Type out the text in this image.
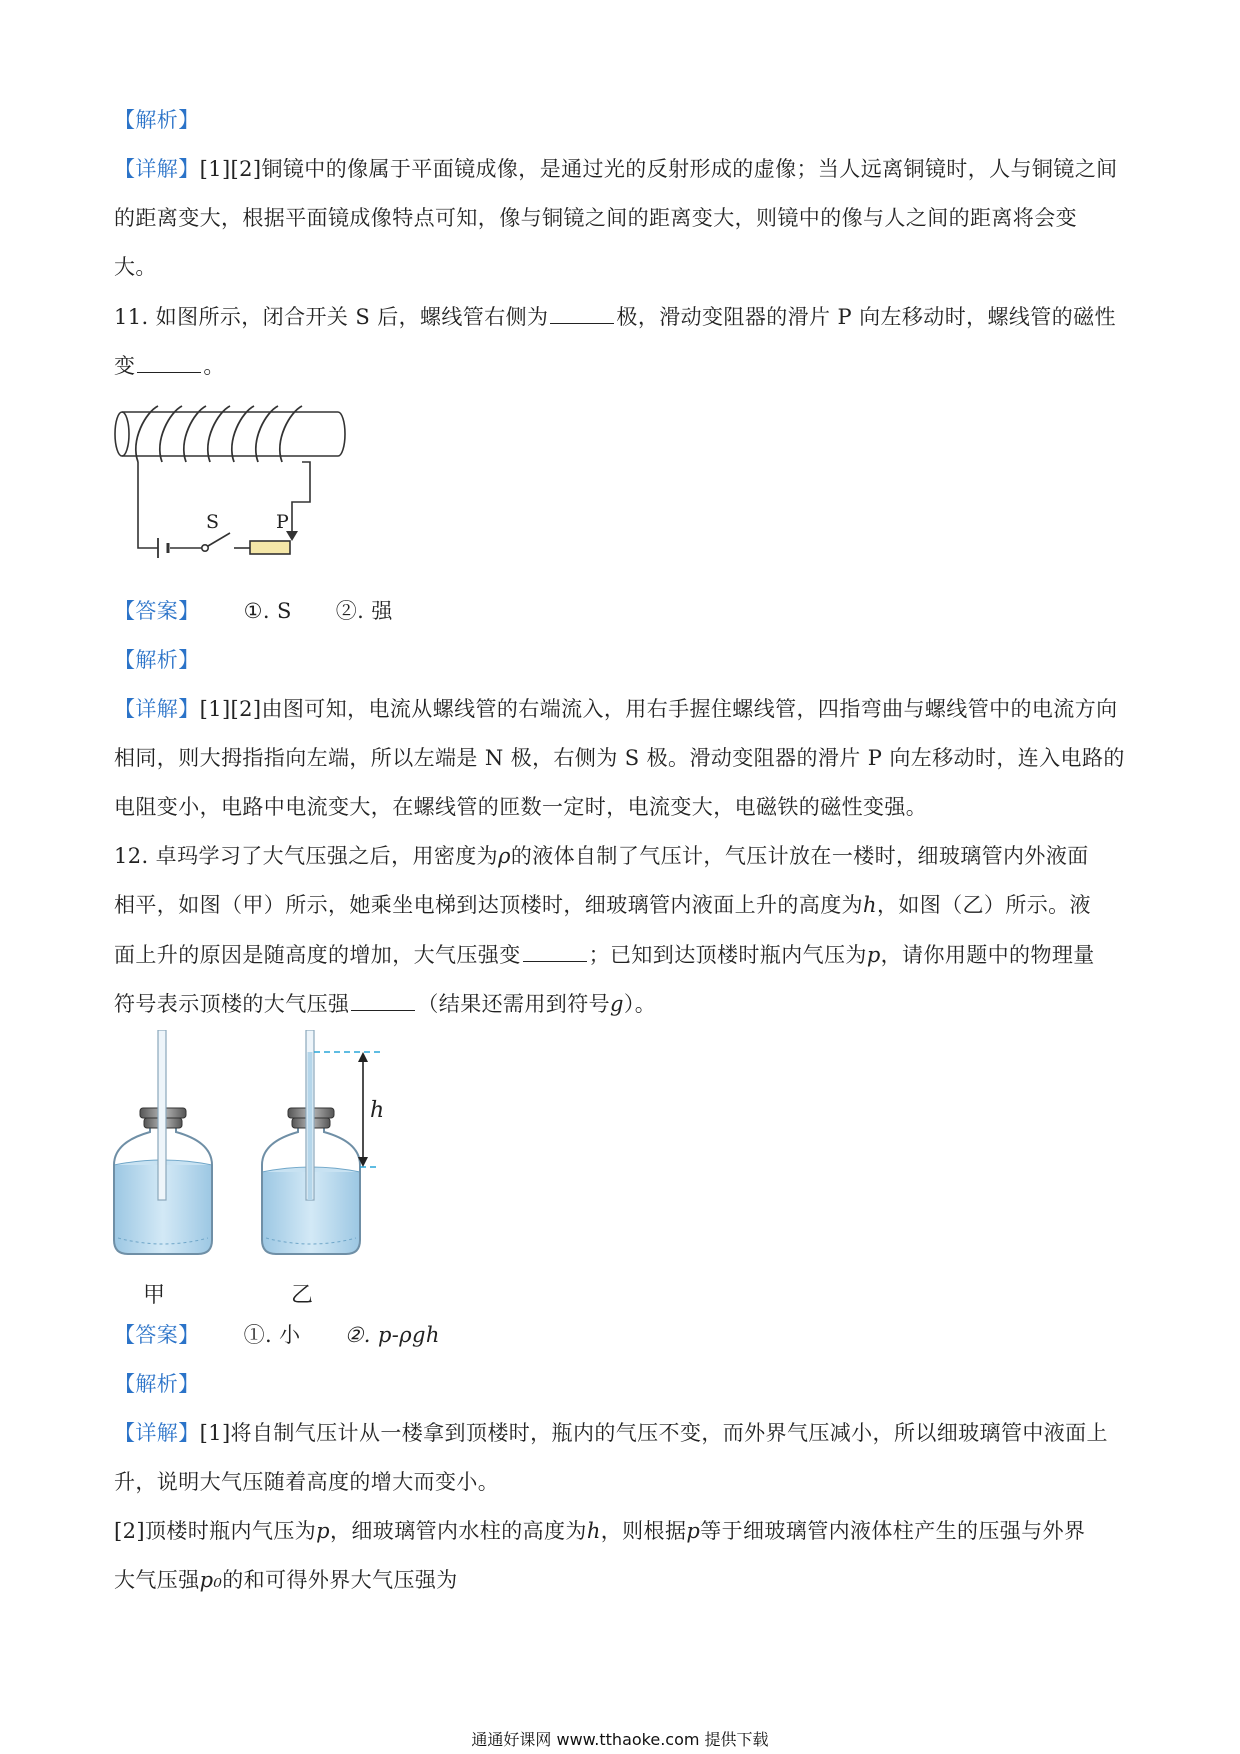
【解析】
【详解】[1][2]铜镜中的像属于平面镜成像，是通过光的反射形成的虚像；当人远离铜镜时，人与铜镜之间
的距离变大，根据平面镜成像特点可知，像与铜镜之间的距离变大，则镜中的像与人之间的距离将会变
大。
11. 如图所示，闭合开关 S 后，螺线管右侧为	极，滑动变阻器的滑片 P 向左移动时，螺线管的磁性
变	。
S	P
【答案】 ①. S ②. 强
【解析】
【详解】[1][2]由图可知，电流从螺线管的右端流入，用右手握住螺线管，四指弯曲与螺线管中的电流方向
相同，则大拇指指向左端，所以左端是 N 极，右侧为 S 极。滑动变阻器的滑片 P 向左移动时，连入电路的
电阻变小，电路中电流变大，在螺线管的匝数一定时，电流变大，电磁铁的磁性变强。
12. 卓玛学习了大气压强之后，用密度为ρ的液体自制了气压计，气压计放在一楼时，细玻璃管内外液面
相平，如图（甲）所示，她乘坐电梯到达顶楼时，细玻璃管内液面上升的高度为h，如图（乙）所示。液
面上升的原因是随高度的增加，大气压强变	；已知到达顶楼时瓶内气压为p，请你用题中的物理量
符号表示顶楼的大气压强	（结果还需用到符号g）。
h
甲	乙
【答案】 ①. 小 ②. p-ρgh
【解析】
【详解】[1]将自制气压计从一楼拿到顶楼时，瓶内的气压不变，而外界气压减小，所以细玻璃管中液面上
升，说明大气压随着高度的增大而变小。
[2]顶楼时瓶内气压为p，细玻璃管内水柱的高度为h，则根据p等于细玻璃管内液体柱产生的压强与外界
大气压强p₀的和可得外界大气压强为
通通好课网 www.tthaoke.com 提供下载
